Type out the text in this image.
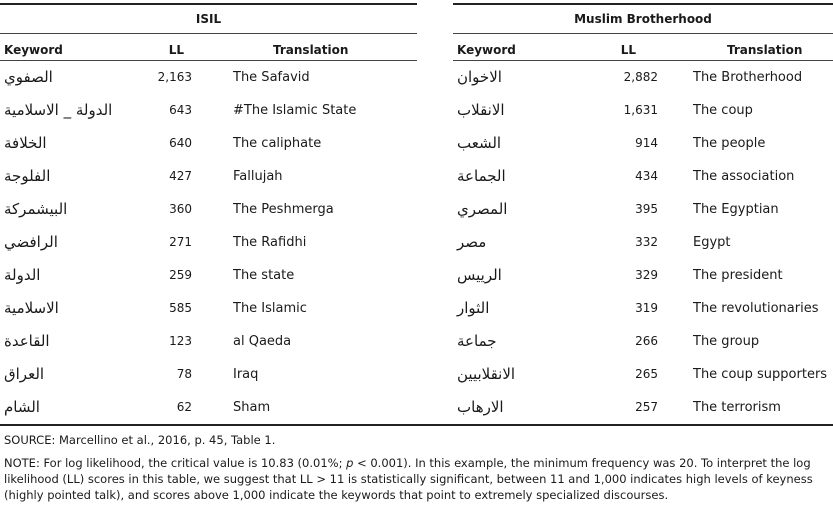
ISIL
Keyword	LL	Translation
الصفوي	2,163	The Safavid
الدولة _ الاسلامية	643	#The Islamic State
الخلافة	640	The caliphate
الفلوجة	427	Fallujah
البيشمركة	360	The Peshmerga
الرافضي	271	The Rafidhi
الدولة	259	The state
الاسلامية	585	The Islamic
القاعدة	123	al Qaeda
العراق	78	Iraq
الشام	62	Sham
Muslim Brotherhood
Keyword	LL	Translation
الاخوان	2,882	The Brotherhood
الانقلاب	1,631	The coup
الشعب	914	The people
الجماعة	434	The association
المصري	395	The Egyptian
مصر	332	Egypt
الرييس	329	The president
الثوار	319	The revolutionaries
جماعة	266	The group
الانقلابيين	265	The coup supporters
الارهاب	257	The terrorism
SOURCE: Marcellino et al., 2016, p. 45, Table 1.
NOTE: For log likelihood, the critical value is 10.83 (0.01%; p < 0.001). In this example, the minimum frequency was 20. To interpret the log likelihood (LL) scores in this table, we suggest that LL > 11 is statistically significant, between 11 and 1,000 indicates high levels of keyness (highly pointed talk), and scores above 1,000 indicate the keywords that point to extremely specialized discourses.
